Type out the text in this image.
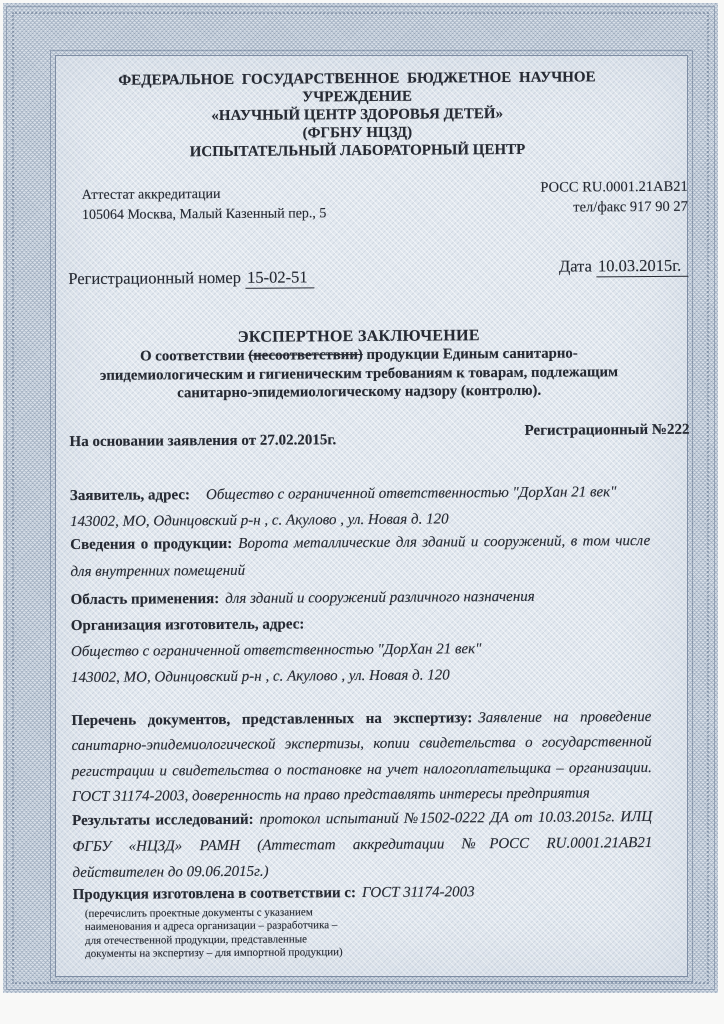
ФЕДЕРАЛЬНОЕ ГОСУДАРСТВЕННОЕ БЮДЖЕТНОЕ НАУЧНОЕ УЧРЕЖДЕНИЕ
«НАУЧНЫЙ ЦЕНТР ЗДОРОВЬЯ ДЕТЕЙ»
(ФГБНУ НЦЗД)
ИСПЫТАТЕЛЬНЫЙ ЛАБОРАТОРНЫЙ ЦЕНТР
Аттестат аккредитации
105064 Москва, Малый Казенный пер., 5
РОСС RU.0001.21АВ21
тел/факс 917 90 27
Регистрационный номер 15-02-51
Дата 10.03.2015г.
ЭКСПЕРТНОЕ ЗАКЛЮЧЕНИЕ
О соответствии (несоответствии) продукции Единым санитарно-
эпидемиологическим и гигиеническим требованиям к товарам, подлежащим
санитарно-эпидемиологическому надзору (контролю).
На основании заявления от 27.02.2015г.
Регистрационный №222
Заявитель, адрес: Общество с ограниченной ответственностью "ДорХан 21 век"
143002, МО, Одинцовский р-н , с. Акулово , ул. Новая д. 120
Сведения о продукции: Ворота металлические для зданий и сооружений, в том числе для внутренних помещений
Область применения: для зданий и сооружений различного назначения
Организация изготовитель, адрес:
Общество с ограниченной ответственностью "ДорХан 21 век"
143002, МО, Одинцовский р-н , с. Акулово , ул. Новая д. 120
Перечень документов, представленных на экспертизу: Заявление на проведение санитарно-эпидемиологической экспертизы, копии свидетельства о государственной регистрации и свидетельства о постановке на учет налогоплательщика – организации. ГОСТ 31174-2003, доверенность на право представлять интересы предприятия
Результаты исследований: протокол испытаний №1502-0222 ДА от 10.03.2015г. ИЛЦ ФГБУ «НЦЗД» РАМН (Аттестат аккредитации №РОСС RU.0001.21АВ21 действителен до 09.06.2015г.)
Продукция изготовлена в соответствии с: ГОСТ 31174-2003
(перечислить проектные документы с указанием
наименования и адреса организации – разработчика –
для отечественной продукции, представленные
документы на экспертизу – для импортной продукции)
